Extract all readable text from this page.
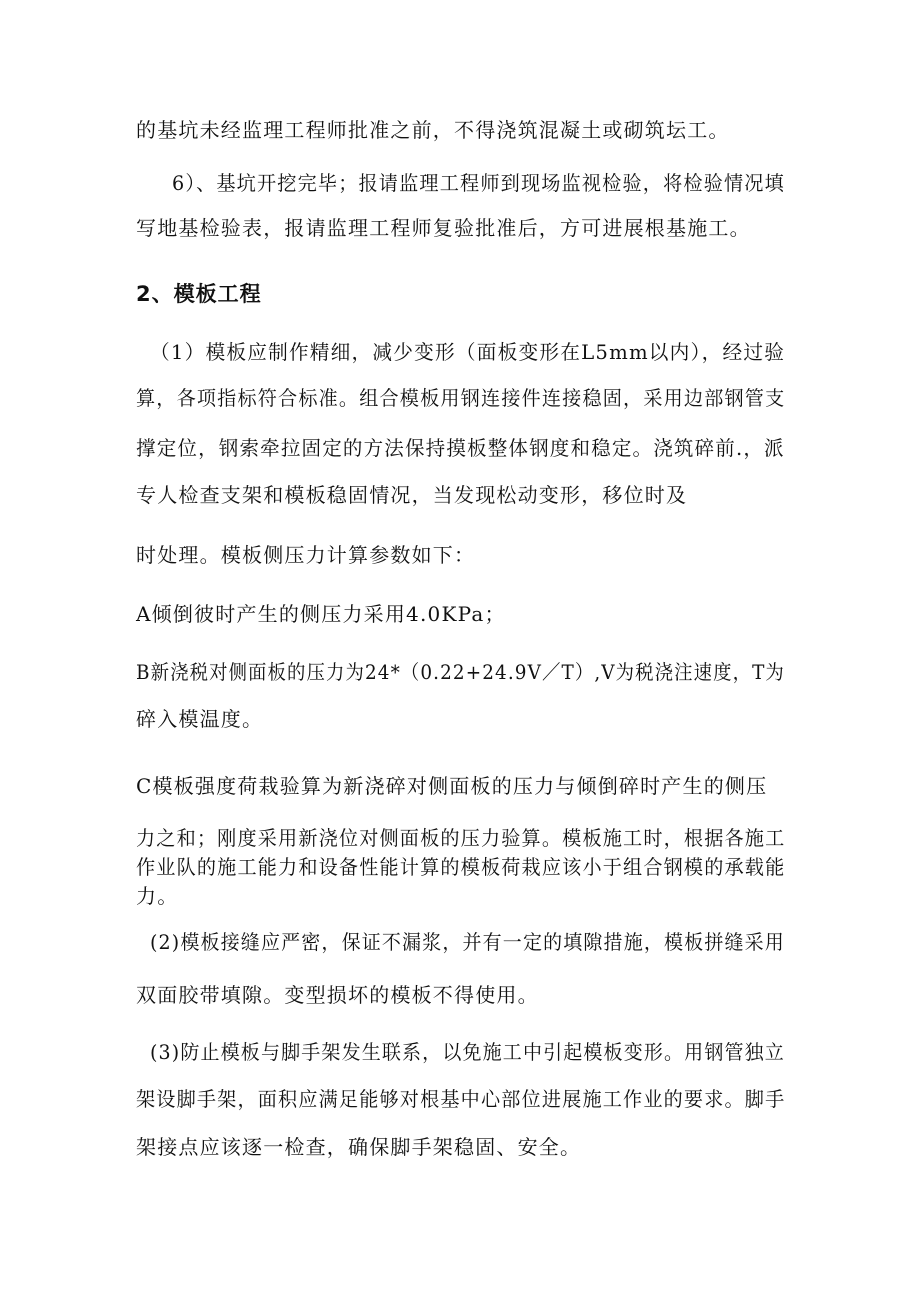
的基坑未经监理工程师批准之前，不得浇筑混凝土或砌筑坛工。
6）、基坑开挖完毕；报请监理工程师到现场监视检验，将检验情况填
写地基检验表，报请监理工程师复验批准后，方可进展根基施工。
2、模板工程
（1）模板应制作精细，减少变形（面板变形在L5mm以内），经过验
算，各项指标符合标准。组合模板用钢连接件连接稳固，采用边部钢管支
撑定位，钢索牵拉固定的方法保持摸板整体钢度和稳定。浇筑碎前.，派
专人检查支架和模板稳固情况，当发现松动变形，移位时及
时处理。模板侧压力计算参数如下：
A倾倒彼时产生的侧压力采用4.0KPa；
B新浇税对侧面板的压力为24*（0.22+24.9V／T）,V为税浇注速度，T为
碎入模温度。
C模板强度荷栽验算为新浇碎对侧面板的压力与倾倒碎时产生的侧压
力之和；刚度采用新浇位对侧面板的压力验算。模板施工时，根据各施工
作业队的施工能力和设备性能计算的模板荷栽应该小于组合钢模的承载能
力。
(2)模板接缝应严密，保证不漏浆，并有一定的填隙措施，模板拼缝采用
双面胶带填隙。变型损坏的模板不得使用。
(3)防止模板与脚手架发生联系，以免施工中引起模板变形。用钢管独立
架设脚手架，面积应满足能够对根基中心部位进展施工作业的要求。脚手
架接点应该逐一检查，确保脚手架稳固、安全。
